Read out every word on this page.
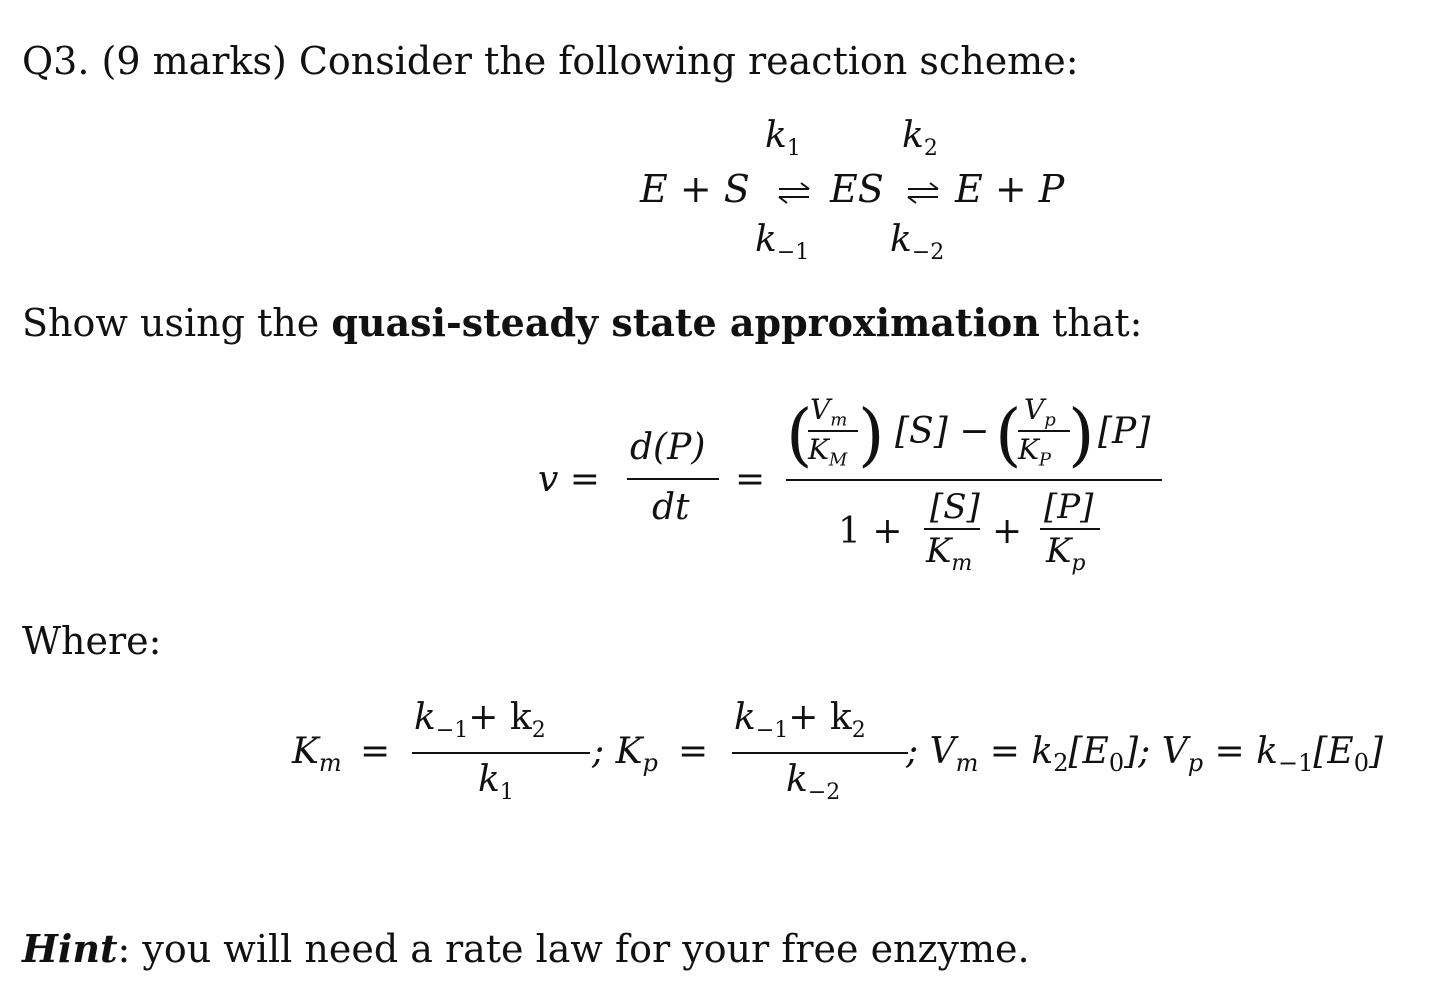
Q3. (9 marks) Consider the following reaction scheme:
$k_1$	$k_2$
E + S ⇌ ES ⇌ E + P
$k_{-1}$ $k_{-2}$
Show using the quasi-steady state approximation that:
v =
d(P)
dt
=
(
$V_m$
$K_M$ ) [S] − ( $V_p$
$K_P$ ) [P]
1 +
[S]
$K_m$
+
[P]
$K_p$
Where:
$K_m$ =
$k_{-1}+ k_2$
$k_1$
; $K_p$ =
$k_{-1}+ k_2$
$k_{-2}$
; $V_m = k_2[E_0]$; $V_p = k_{-1}[E_0]$
Hint: you will need a rate law for your free enzyme.
